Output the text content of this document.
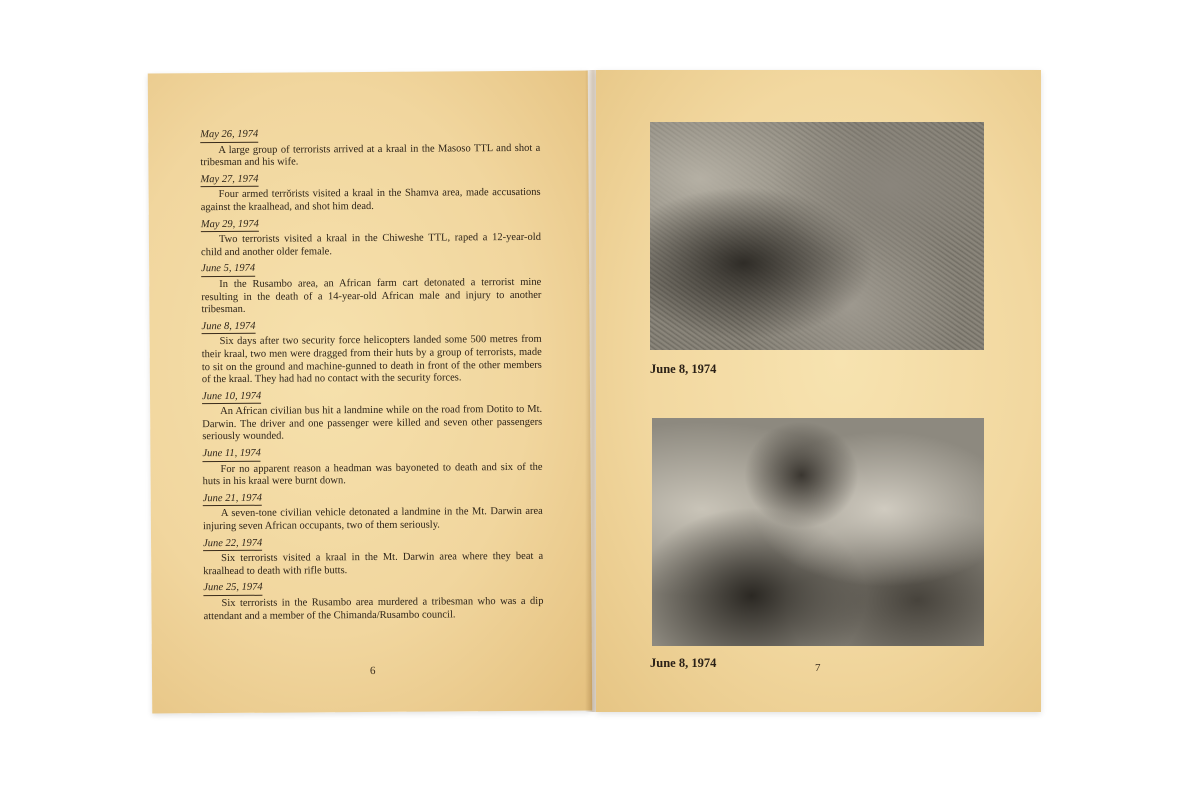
May 26, 1974
A large group of terrorists arrived at a kraal in the Masoso TTL and shot a tribesman and his wife.
May 27, 1974
Four armed terrŏrists visited a kraal in the Shamva area, made accusations against the kraalhead, and shot him dead.
May 29, 1974
Two terrorists visited a kraal in the Chiweshe TTL, raped a 12-year-old child and another older female.
June 5, 1974
In the Rusambo area, an African farm cart detonated a terrorist mine resulting in the death of a 14-year-old African male and injury to another tribesman.
June 8, 1974
Six days after two security force helicopters landed some 500 metres from their kraal, two men were dragged from their huts by a group of terrorists, made to sit on the ground and machine-gunned to death in front of the other members of the kraal. They had had no contact with the security forces.
June 10, 1974
An African civilian bus hit a landmine while on the road from Dotito to Mt. Darwin. The driver and one passenger were killed and seven other passengers seriously wounded.
June 11, 1974
For no apparent reason a headman was bayoneted to death and six of the huts in his kraal were burnt down.
June 21, 1974
A seven-tone civilian vehicle detonated a landmine in the Mt. Darwin area injuring seven African occupants, two of them seriously.
June 22, 1974
Six terrorists visited a kraal in the Mt. Darwin area where they beat a kraalhead to death with rifle butts.
June 25, 1974
Six terrorists in the Rusambo area murdered a tribesman who was a dip attendant and a member of the Chimanda/Rusambo council.
6
June 8, 1974
June 8, 1974	7
